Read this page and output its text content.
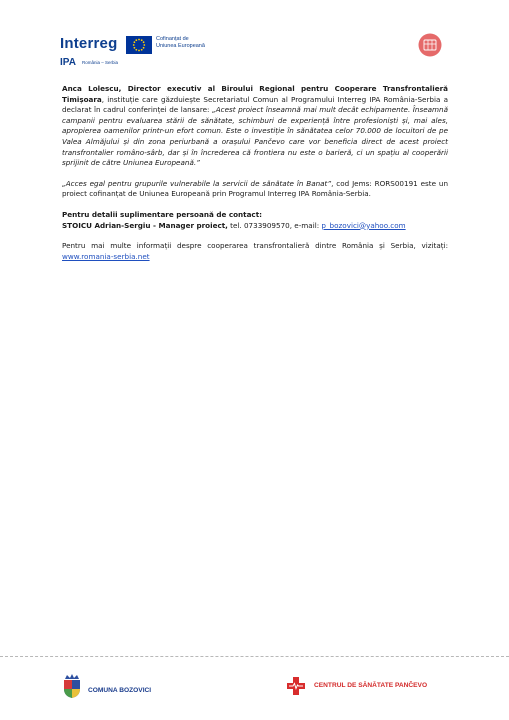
Interreg	Cofinanțat de
Uniunea Europeană
IPA România – Serbia

Anca Lolescu, Director executiv al Biroului Regional pentru Cooperare Transfrontalieră Timișoara, instituție care găzduiește Secretariatul Comun al Programului Interreg IPA România-Serbia a declarat în cadrul conferinței de lansare: „Acest proiect înseamnă mai mult decât echipamente. Înseamnă campanii pentru evaluarea stării de sănătate, schimburi de experiență între profesioniști și, mai ales, apropierea oamenilor printr-un efort comun. Este o investiție în sănătatea celor 70.000 de locuitori de pe Valea Almăjului și din zona periurbană a orașului Pančevo care vor beneficia direct de acest proiect transfrontalier româno-sârb, dar și în încrederea că frontiera nu este o barieră, ci un spațiu al cooperării sprijinit de către Uniunea Europeană.”

„Acces egal pentru grupurile vulnerabile la servicii de sănătate în Banat”, cod Jems: RORS00191 este un proiect cofinanțat de Uniunea Europeană prin Programul Interreg IPA România-Serbia.

Pentru detalii suplimentare persoană de contact:
STOICU Adrian-Sergiu - Manager proiect, tel. 0733909570, e-mail: p_bozovici@yahoo.com

Pentru mai multe informații despre cooperarea transfrontalieră dintre România și Serbia, vizitați: www.romania-serbia.net

COMUNA BOZOVICI
CENTRUL DE SĂNĂTATE PANČEVO
